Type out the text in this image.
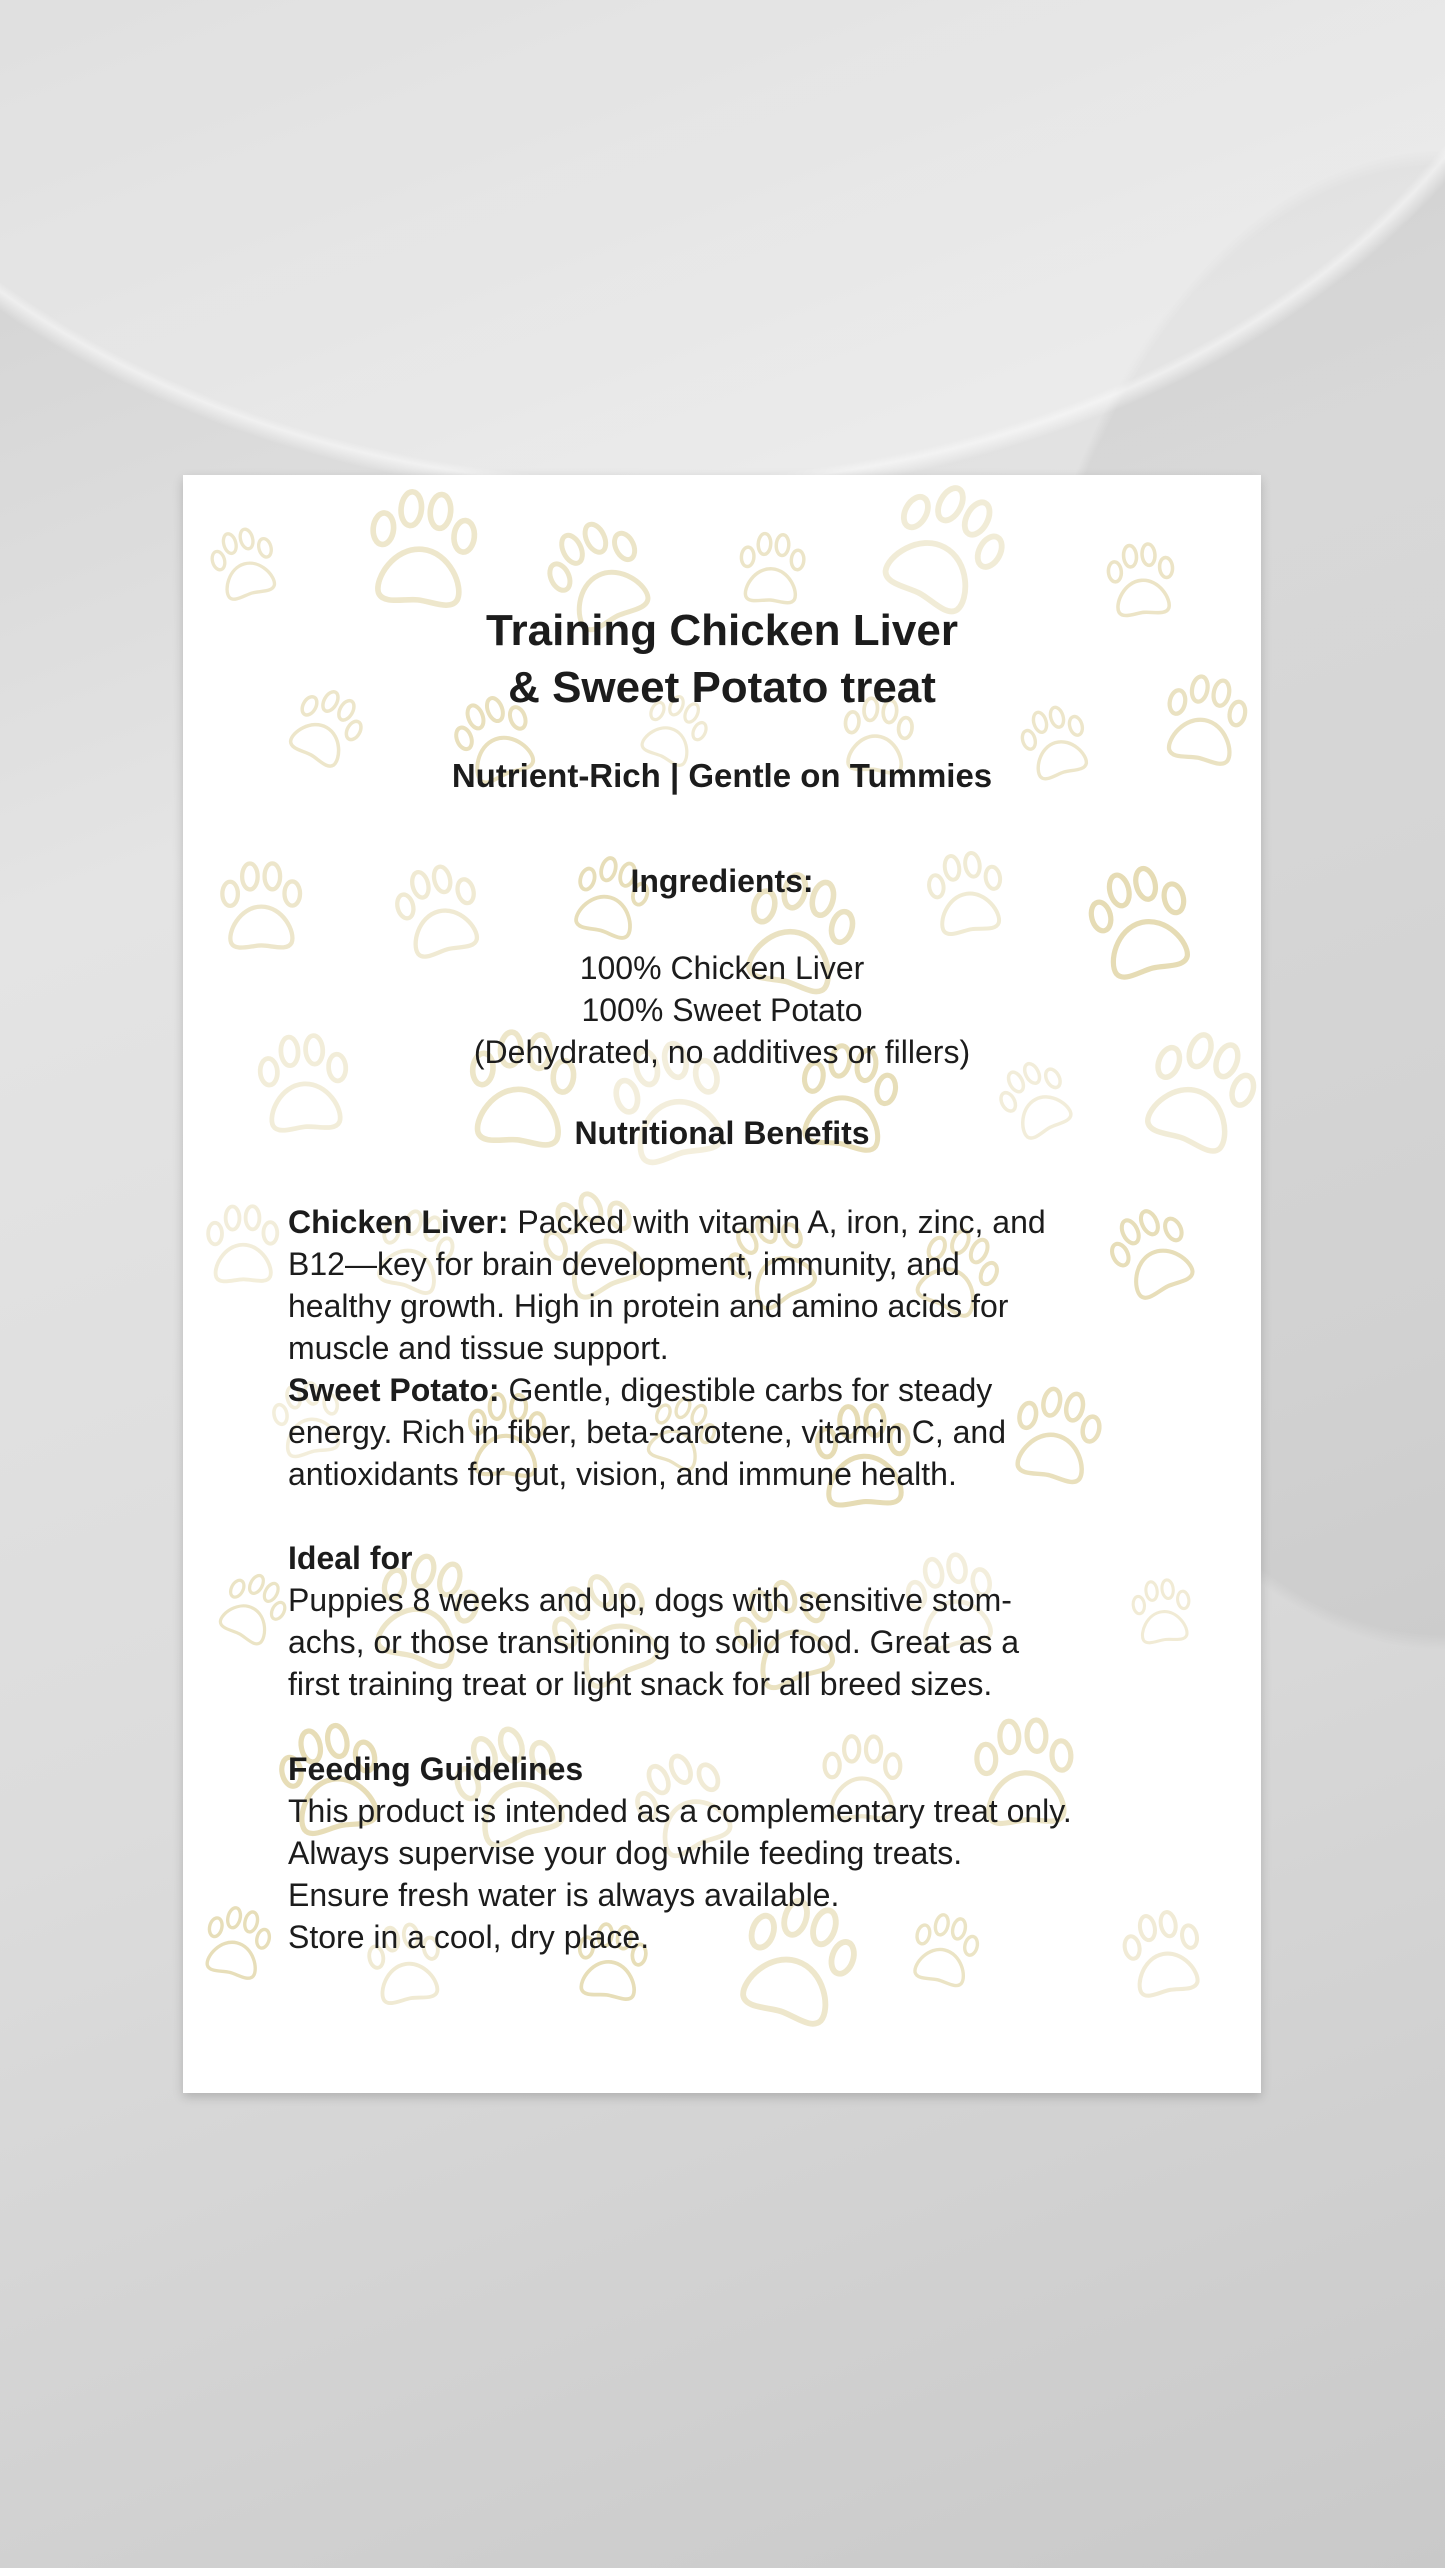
Training Chicken Liver
& Sweet Potato treat
Nutrient-Rich | Gentle on Tummies
Ingredients:
100% Chicken Liver
100% Sweet Potato
(Dehydrated, no additives or fillers)
Nutritional Benefits
Chicken Liver: Packed with vitamin A, iron, zinc, and
B12—key for brain development, immunity, and
healthy growth. High in protein and amino acids for
muscle and tissue support.
Sweet Potato: Gentle, digestible carbs for steady
energy. Rich in fiber, beta-carotene, vitamin C, and
antioxidants for gut, vision, and immune health.
Ideal for
Puppies 8 weeks and up, dogs with sensitive stom-
achs, or those transitioning to solid food. Great as a
first training treat or light snack for all breed sizes.
Feeding Guidelines
This product is intended as a complementary treat only.
Always supervise your dog while feeding treats.
Ensure fresh water is always available.
Store in a cool, dry place.
